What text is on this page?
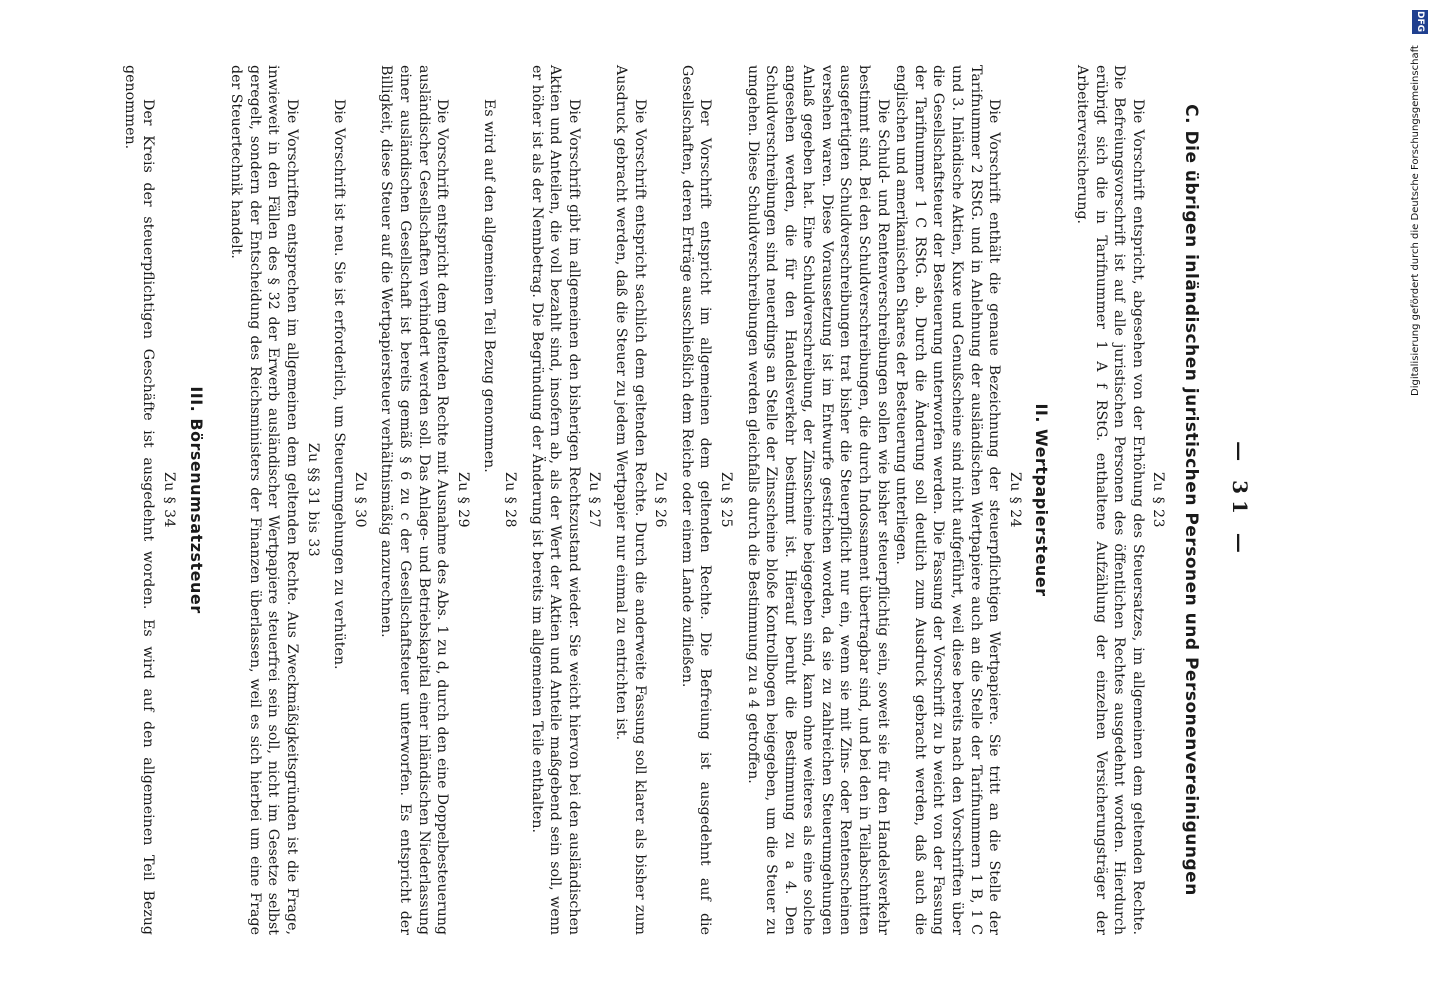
— 31 —
C. Die übrigen inländischen juristischen Personen und Personenvereinigungen
Zu § 23

Die Vorschrift entspricht, abgesehen von der Erhöhung des Steuersatzes, im allgemeinen dem geltenden Rechte. Die Befreiungsvorschrift ist auf alle juristischen Personen des öffentlichen Rechtes ausgedehnt worden. Hierdurch erübrigt sich die in Tarifnummer 1 A f RStG. enthaltene Aufzählung der einzelnen Versicherungsträger der Arbeiterversicherung.

II. Wertpapiersteuer
Zu § 24

Die Vorschrift enthält die genaue Bezeichnung der steuerpflichtigen Wertpapiere. Sie tritt an die Stelle der Tarifnummer 2 RStG. und in Anlehnung der ausländischen Wertpapiere auch an die Stelle der Tarifnummern 1 B, 1 C und 3. Inländische Aktien, Kuxe und Genußscheine sind nicht aufgeführt, weil diese bereits nach den Vorschriften über die Gesellschaftsteuer der Besteuerung unterworfen werden. Die Fassung der Vorschrift zu b weicht von der Fassung der Tarifnummer 1 C RStG. ab. Durch die Änderung soll deutlich zum Ausdruck gebracht werden, daß auch die englischen und amerikanischen Shares der Besteuerung unterliegen.

Die Schuld- und Rentenverschreibungen sollen wie bisher steuerpflichtig sein, soweit sie für den Handelsverkehr bestimmt sind. Bei den Schuldverschreibungen, die durch Indossament übertragbar sind, und bei den in Teilabschnitten ausgefertigten Schuldverschreibungen trat bisher die Steuerpflicht nur ein, wenn sie mit Zins- oder Rentenscheinen versehen waren. Diese Voraussetzung ist im Entwurfe gestrichen worden, da sie zu zahlreichen Steuerumgehungen Anlaß gegeben hat. Eine Schuldverschreibung, der Zinsscheine beigegeben sind, kann ohne weiteres als eine solche angesehen werden, die für den Handelsverkehr bestimmt ist. Hierauf beruht die Bestimmung zu a 4. Den Schuldverschreibungen sind neuerdings an Stelle der Zinsscheine bloße Kontrollbogen beigegeben, um die Steuer zu umgehen. Diese Schuldverschreibungen werden gleichfalls durch die Bestimmung zu a 4 getroffen.

Zu § 25

Der Vorschrift entspricht im allgemeinen dem geltenden Rechte. Die Befreiung ist ausgedehnt auf die Gesellschaften, deren Erträge ausschließlich dem Reiche oder einem Lande zufließen.

Zu § 26

Die Vorschrift entspricht sachlich dem geltenden Rechte. Durch die anderweite Fassung soll klarer als bisher zum Ausdruck gebracht werden, daß die Steuer zu jedem Wertpapier nur einmal zu entrichten ist.

Zu § 27

Die Vorschrift gibt im allgemeinen den bisherigen Rechtszustand wieder. Sie weicht hiervon bei den ausländischen Aktien und Anteilen, die voll bezahlt sind, insofern ab, als der Wert der Aktien und Anteile maßgebend sein soll, wenn er höher ist als der Nennbetrag. Die Begründung der Änderung ist bereits im allgemeinen Teile enthalten.

Zu § 28

Es wird auf den allgemeinen Teil Bezug genommen.

Zu § 29

Die Vorschrift entspricht dem geltenden Rechte mit Ausnahme des Abs. 1 zu d, durch den eine Doppelbesteuerung ausländischer Gesellschaften verhindert werden soll. Das Anlage- und Betriebskapital einer inländischen Niederlassung einer ausländischen Gesellschaft ist bereits gemäß § 6 zu c der Gesellschaftsteuer unterworfen. Es entspricht der Billigkeit, diese Steuer auf die Wertpapiersteuer verhältnismäßig anzurechnen.

Zu § 30

Die Vorschrift ist neu. Sie ist erforderlich, um Steuerumgehungen zu verhüten.

Zu §§ 31 bis 33

Die Vorschriften entsprechen im allgemeinen dem geltenden Rechte. Aus Zweckmäßigkeitsgründen ist die Frage, inwieweit in den Fällen des § 32 der Erwerb ausländischer Wertpapiere steuerfrei sein soll, nicht im Gesetze selbst geregelt, sondern der Entscheidung des Reichsministers der Finanzen überlassen, weil es sich hierbei um eine Frage der Steuertechnik handelt.

III. Börsenumsatzsteuer
Zu § 34

Der Kreis der steuerpflichtigen Geschäfte ist ausgedehnt worden. Es wird auf den allgemeinen Teil Bezug genommen.

DFG
Digitalisierung gefördert durch die Deutsche Forschungsgemeinschaft
